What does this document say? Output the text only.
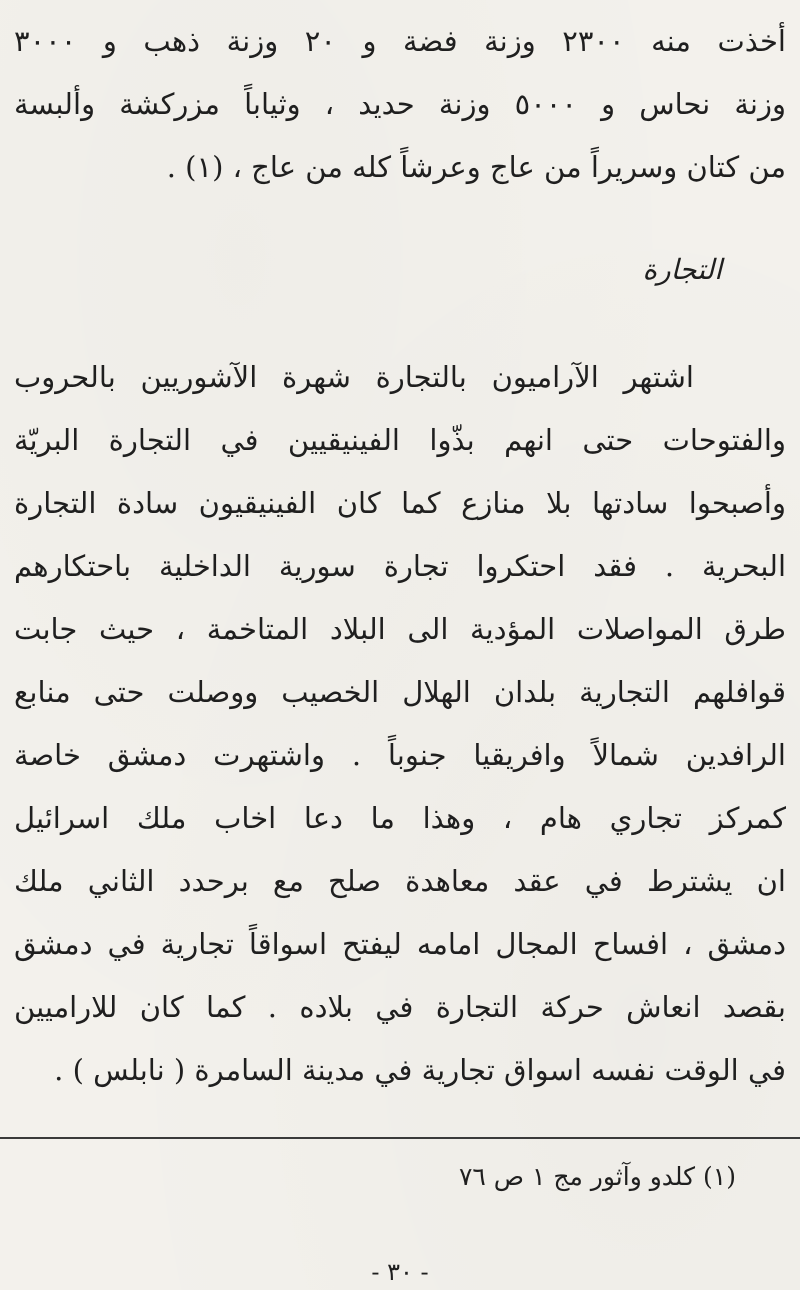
أخذت منه ٢٣٠٠ وزنة فضة و ٢٠ وزنة ذهب و ٣٠٠٠
وزنة نحاس و ٥٠٠٠ وزنة حديد ، وثياباً مزركشة وألبسة
من كتان وسريراً من عاج وعرشاً كله من عاج ، (١) .
التجارة
اشتهر الآراميون بالتجارة شهرة الآشوريين بالحروب
والفتوحات حتى انهم بذّوا الفينيقيين في التجارة البريّة
وأصبحوا سادتها بلا منازع كما كان الفينيقيون سادة التجارة
البحرية . فقد احتكروا تجارة سورية الداخلية باحتكارهم
طرق المواصلات المؤدية الى البلاد المتاخمة ، حيث جابت
قوافلهم التجارية بلدان الهلال الخصيب ووصلت حتى منابع
الرافدين شمالاً وافريقيا جنوباً . واشتهرت دمشق خاصة
كمركز تجاري هام ، وهذا ما دعا اخاب ملك اسرائيل
ان يشترط في عقد معاهدة صلح مع برحدد الثاني ملك
دمشق ، افساح المجال امامه ليفتح اسواقاً تجارية في دمشق
بقصد انعاش حركة التجارة في بلاده . كما كان للاراميين
في الوقت نفسه اسواق تجارية في مدينة السامرة ( نابلس ) .
(١) كلدو وآثور مج ١ ص ٧٦
- ٣٠ -
